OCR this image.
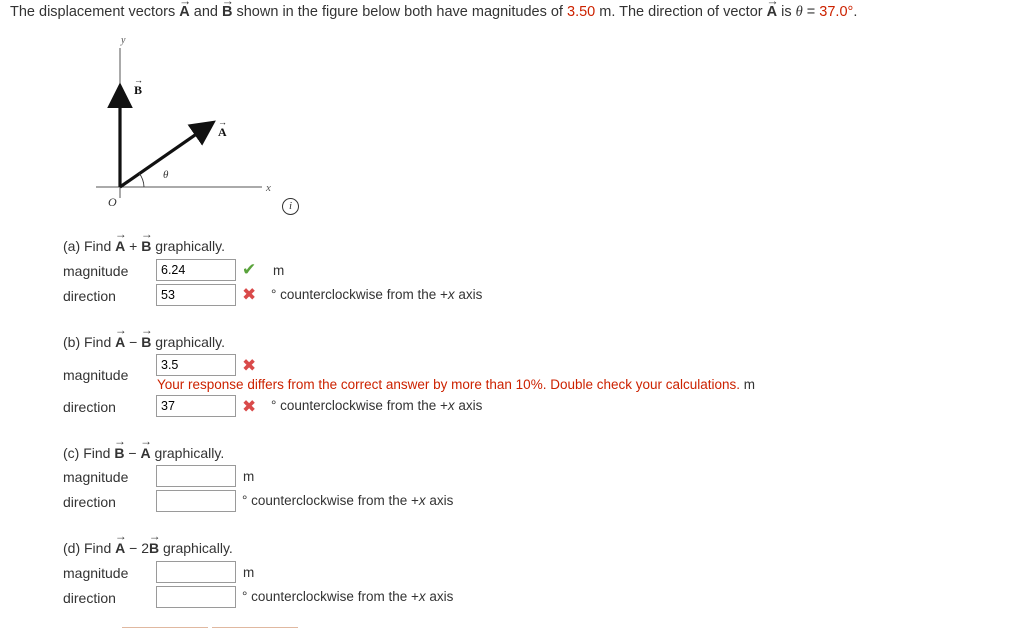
The displacement vectors → A and → B shown in the figure below both have magnitudes of 3.50 m. The direction of vector → A is θ = 37.0°.
y
x
O
θ
B
→
A
→
i
(a) Find → A + → B graphically.
magnitude
6.24	✔ m
direction
53	✖ ° counterclockwise from the +x axis
(b) Find → A − → B graphically.
magnitude
3.5	✖
Your response differs from the correct answer by more than 10%. Double check your calculations. m
direction
37	✖ ° counterclockwise from the +x axis
(c) Find → B − → A graphically.
magnitude	m
direction	° counterclockwise from the +x axis
(d) Find → A − 2→ B graphically.
magnitude	m
direction	° counterclockwise from the +x axis
